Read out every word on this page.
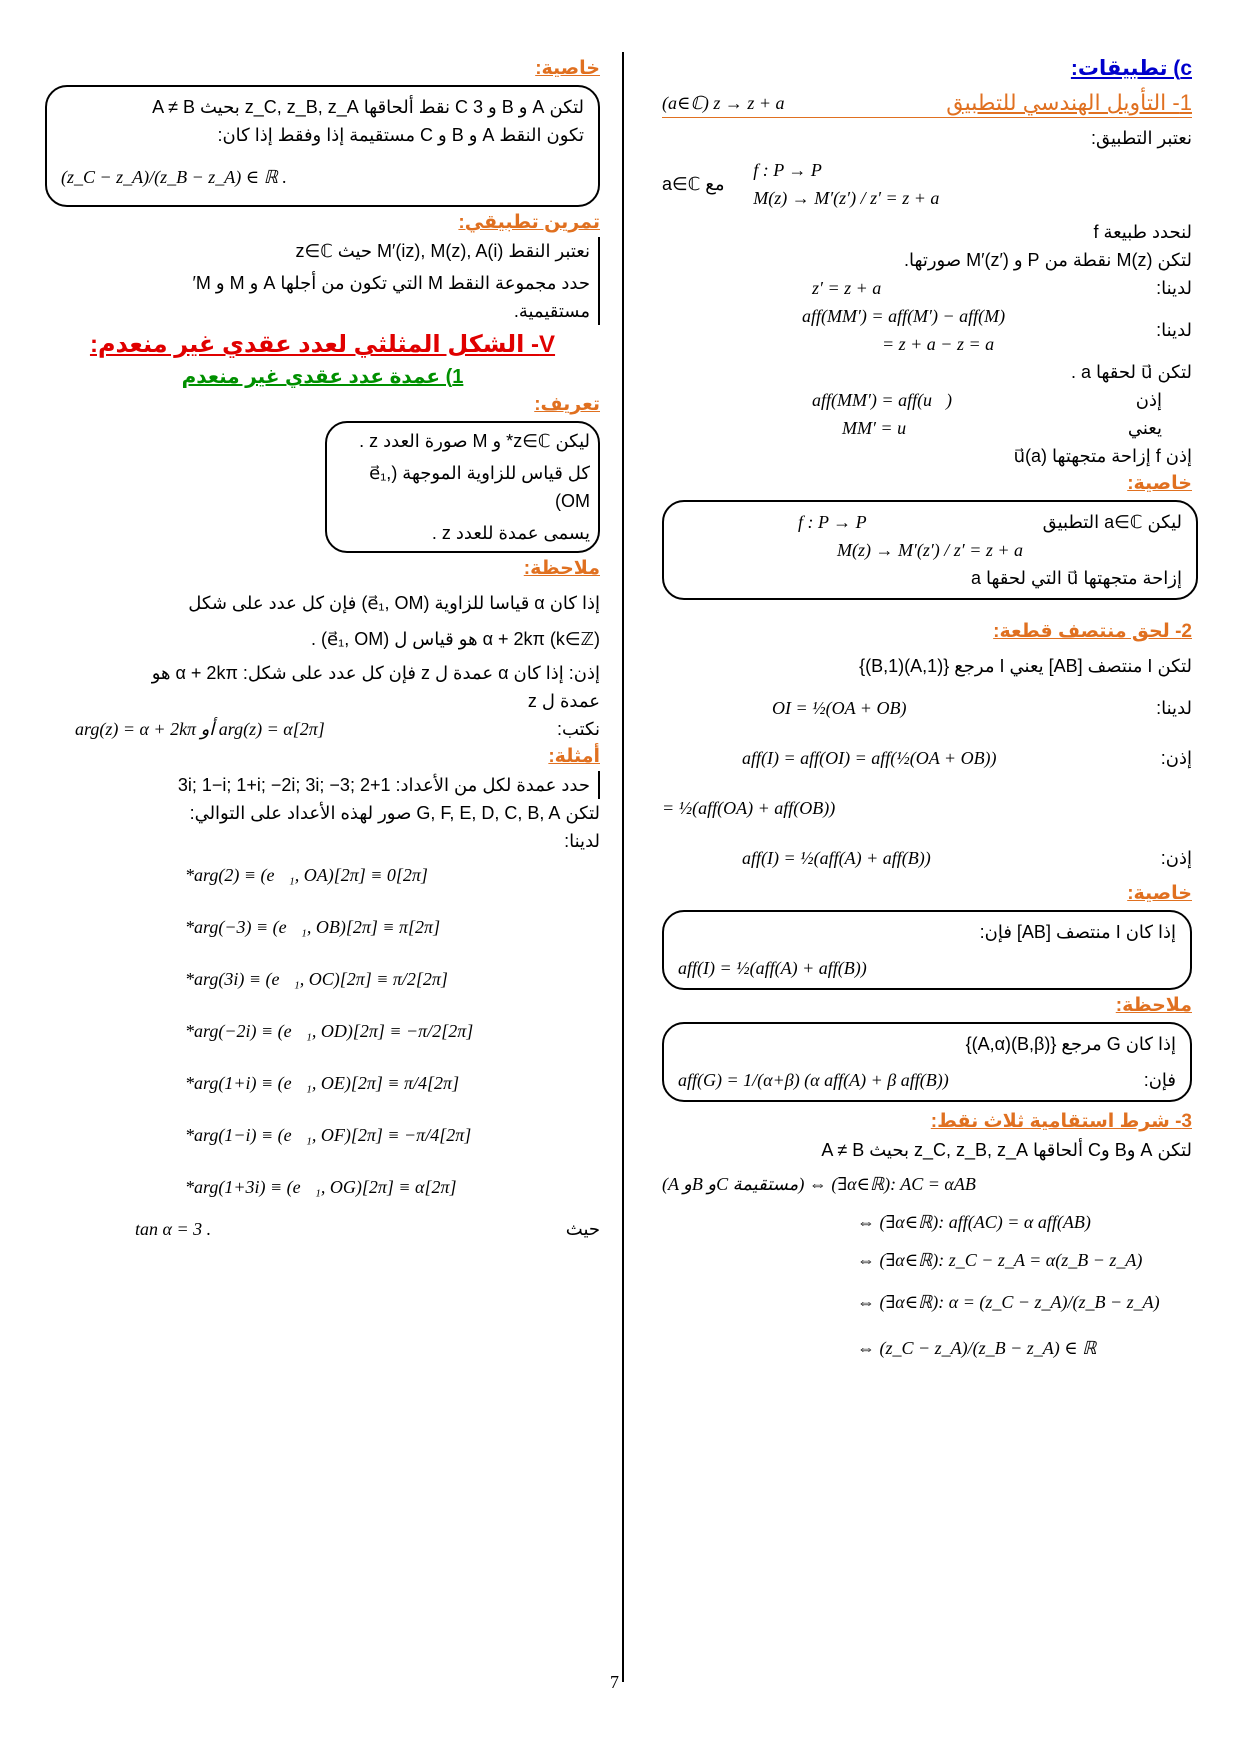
c) تطبيقات:
1- التأويل الهندسي للتطبيق
(a∈ℂ) z → z + a
نعتبر التطبيق:
f : P → P
M(z) → M′(z′) / z′ = z + a
مع a∈ℂ
لنحدد طبيعة f
لتكن M(z) نقطة من P و M′(z′) صورتها.
لدينا:
z′ = z + a
لدينا:
aff(MM′) = aff(M′) − aff(M)
= z + a − z = a
لتكن u⃗ لحقها a .
إذن
aff(MM′) = aff(u⃗)
يعني
MM′ = u⃗
إذن f إزاحة متجهتها u⃗(a)
خاصية:
ليكن a∈ℂ التطبيق
f : P → P
M(z) → M′(z′) / z′ = z + a
إزاحة متجهتها u⃗ التي لحقها a
2- لحق منتصف قطعة:
لتكن I منتصف [AB] يعني I مرجع {(A,1)(B,1)}
لدينا:
OI = ½(OA + OB)
إذن:
aff(I) = aff(OI) = aff(½(OA + OB))
= ½(aff(OA) + aff(OB))
إذن:
aff(I) = ½(aff(A) + aff(B))
خاصية:
إذا كان I منتصف [AB] فإن:
aff(I) = ½(aff(A) + aff(B))
ملاحظة:
إذا كان G مرجع {(B,β)(A,α)}
فإن:
aff(G) = 1/(α+β) (α aff(A) + β aff(B))
3- شرط استقامية ثلاث نقط:
لتكن A وB وC ألحاقها z_C, z_B, z_A بحيث A ≠ B
(A وB وC مستقيمة) ⇔ (∃α∈ℝ): AC = αAB
⇔ (∃α∈ℝ): aff(AC) = α aff(AB)
⇔ (∃α∈ℝ): z_C − z_A = α(z_B − z_A)
⇔ (∃α∈ℝ): α = (z_C − z_A)/(z_B − z_A)
⇔ (z_C − z_A)/(z_B − z_A) ∈ ℝ
خاصية:
لتكن A و B و C 3 نقط ألحاقها z_C, z_B, z_A بحيث A ≠ B
تكون النقط A و B و C مستقيمة إذا وفقط إذا كان:
(z_C − z_A)/(z_B − z_A) ∈ ℝ .
تمرين تطبيقي:
نعتبر النقط M′(iz), M(z), A(i) حيث z∈ℂ
حدد مجموعة النقط M التي تكون من أجلها A و M و M′
مستقيمية.
V- الشكل المثلثي لعدد عقدي غير منعدم:
1) عمدة عدد عقدي غير منعدم
تعريف:
ليكن z∈ℂ* و M صورة العدد z .
كل قياس للزاوية الموجهة (e⃗₁, OM)
يسمى عمدة للعدد z .
ملاحظة:
إذا كان α قياسا للزاوية (e⃗₁, OM) فإن كل عدد على شكل
α + 2kπ (k∈ℤ) هو قياس ل (e⃗₁, OM) .
إذن: إذا كان α عمدة ل z فإن كل عدد على شكل: α + 2kπ هو
عمدة ل z
نكتب:
arg(z) = α + 2kπ أو arg(z) = α[2π]
أمثلة:
حدد عمدة لكل من الأعداد: 1+3i; 1−i; 1+i; −2i; 3i; −3; 2
لتكن G, F, E, D, C, B, A صور لهذه الأعداد على التوالي:
لدينا:
*arg(2) ≡ (e⃗₁, OA)[2π] ≡ 0[2π]
*arg(−3) ≡ (e⃗₁, OB)[2π] ≡ π[2π]
*arg(3i) ≡ (e⃗₁, OC)[2π] ≡ π/2[2π]
*arg(−2i) ≡ (e⃗₁, OD)[2π] ≡ −π/2[2π]
*arg(1+i) ≡ (e⃗₁, OE)[2π] ≡ π/4[2π]
*arg(1−i) ≡ (e⃗₁, OF)[2π] ≡ −π/4[2π]
*arg(1+3i) ≡ (e⃗₁, OG)[2π] ≡ α[2π]
حيث
tan α = 3 .
7
